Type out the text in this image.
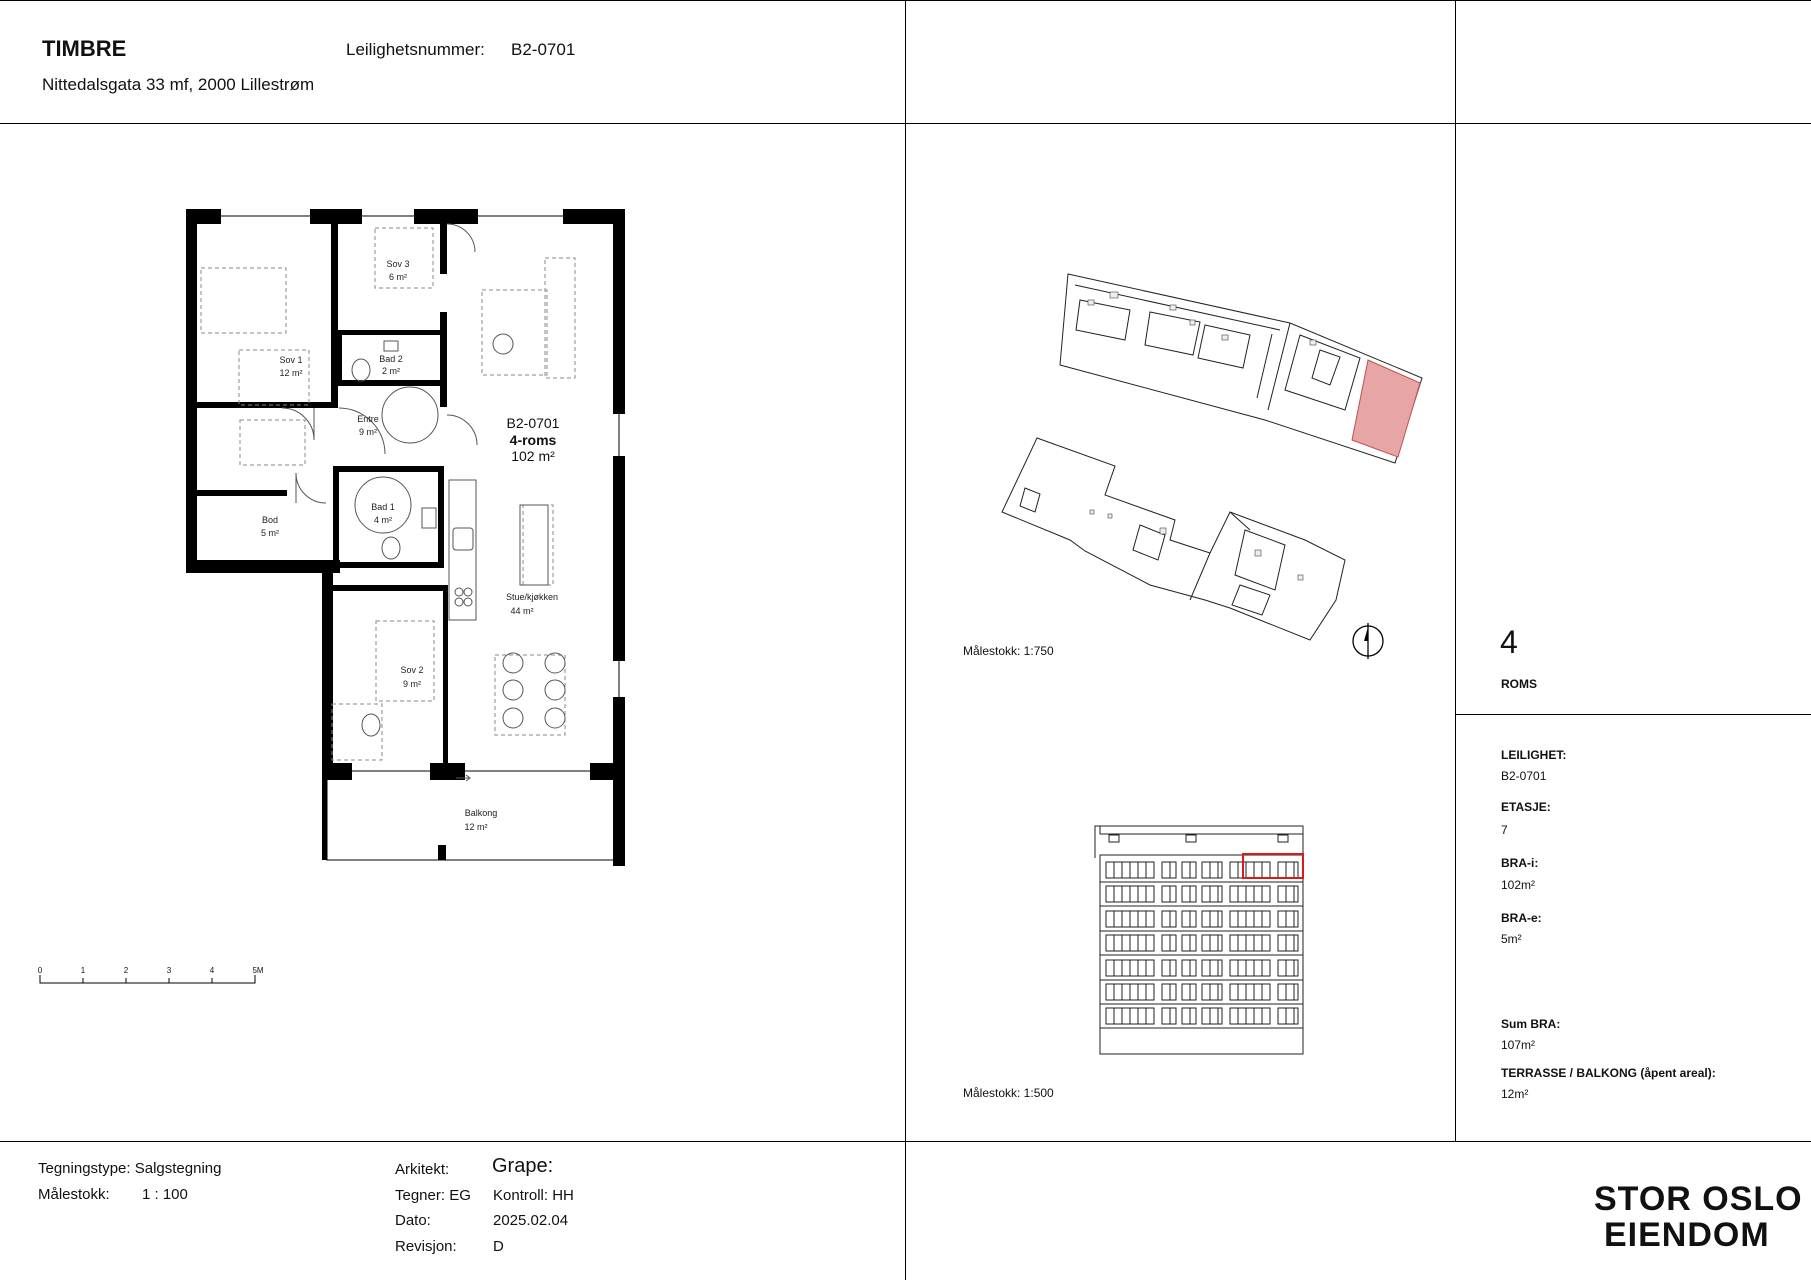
TIMBRE	Leilighetsnummer: B2-0701
Nittedalsgata 33 mf, 2000 Lillestrøm
Sov 3
6 m²
Bad 2
2 m²
Sov 1
12 m²
Entre
9 m²
Bad 1
4 m²
Bod
5 m²
Stue/kjøkken
44 m²
Sov 2
9 m²
Balkong
12 m²
B2-0701
4-roms
102 m²
0	1	2	3	4	5M
Målestokk: 1:750
Målestokk: 1:500
4
ROMS
LEILIGHET:
B2-0701
ETASJE:
7
BRA-i:
102m²
BRA-e:
5m²
Sum BRA:
107m²
TERRASSE / BALKONG (åpent areal):
12m²
Tegningstype: Salgstegning
Målestokk: 1 : 100
Arkitekt: Grape:
Tegner: EG Kontroll: HH
Dato:	2025.02.04
Revisjon: D
STOR OSLO
EIENDOM
